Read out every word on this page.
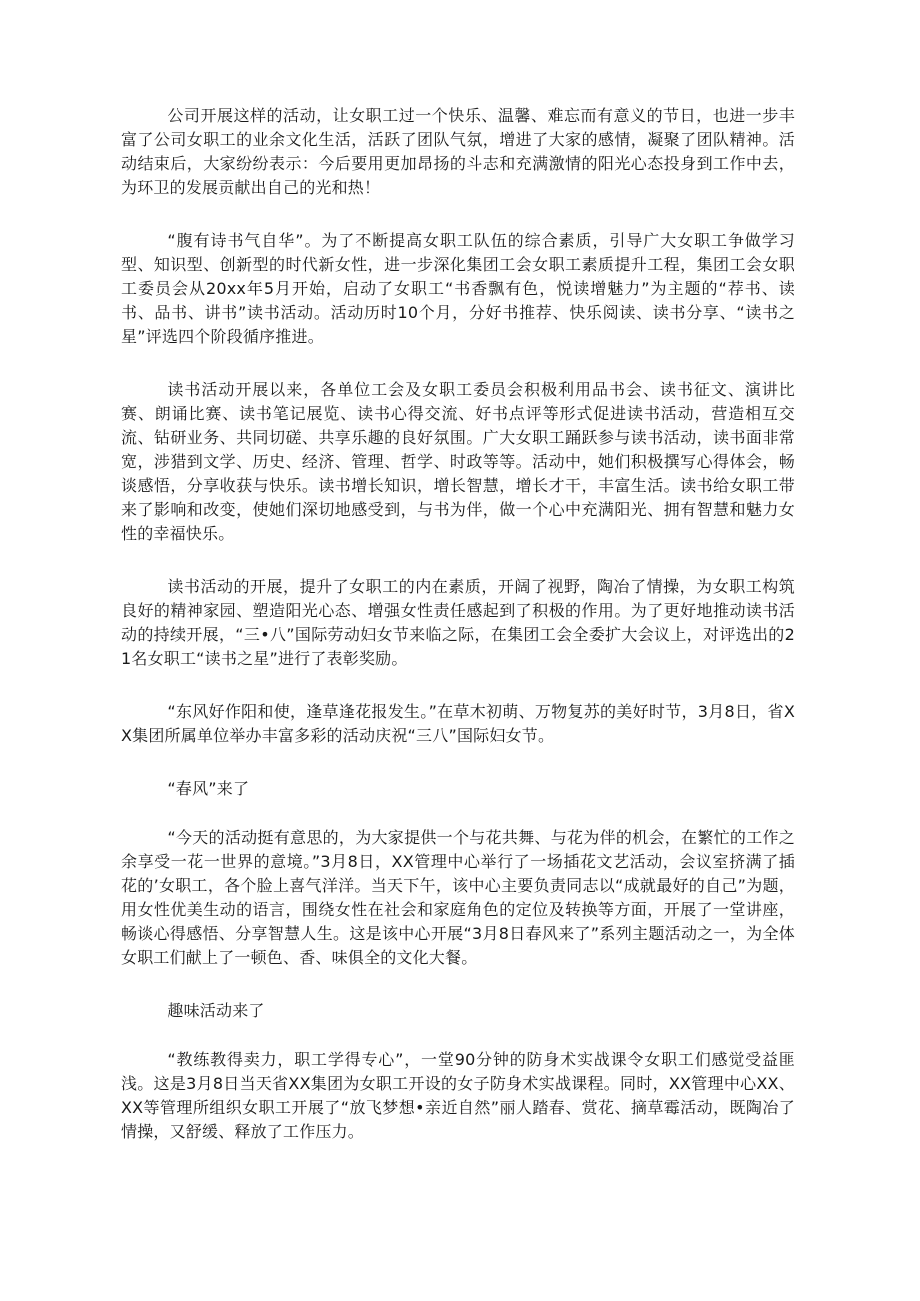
公司开展这样的活动，让女职工过一个快乐、温馨、难忘而有意义的节日，也进一步丰富了公司女职工的业余文化生活，活跃了团队气氛，增进了大家的感情，凝聚了团队精神。活动结束后，大家纷纷表示：今后要用更加昂扬的斗志和充满激情的阳光心态投身到工作中去，为环卫的发展贡献出自己的光和热！

“腹有诗书气自华”。为了不断提高女职工队伍的综合素质，引导广大女职工争做学习型、知识型、创新型的时代新女性，进一步深化集团工会女职工素质提升工程，集团工会女职工委员会从20xx年5月开始，启动了女职工“书香飘有色，悦读增魅力”为主题的“荐书、读书、品书、讲书”读书活动。活动历时10个月，分好书推荐、快乐阅读、读书分享、“读书之星”评选四个阶段循序推进。

读书活动开展以来，各单位工会及女职工委员会积极利用品书会、读书征文、演讲比赛、朗诵比赛、读书笔记展览、读书心得交流、好书点评等形式促进读书活动，营造相互交流、钻研业务、共同切磋、共享乐趣的良好氛围。广大女职工踊跃参与读书活动，读书面非常宽，涉猎到文学、历史、经济、管理、哲学、时政等等。活动中，她们积极撰写心得体会，畅谈感悟，分享收获与快乐。读书增长知识，增长智慧，增长才干，丰富生活。读书给女职工带来了影响和改变，使她们深切地感受到，与书为伴，做一个心中充满阳光、拥有智慧和魅力女性的幸福快乐。

读书活动的开展，提升了女职工的内在素质，开阔了视野，陶冶了情操，为女职工构筑良好的精神家园、塑造阳光心态、增强女性责任感起到了积极的作用。为了更好地推动读书活动的持续开展，“三•八”国际劳动妇女节来临之际，在集团工会全委扩大会议上，对评选出的21名女职工“读书之星”进行了表彰奖励。

“东风好作阳和使，逢草逢花报发生。”在草木初萌、万物复苏的美好时节，3月8日，省XX集团所属单位举办丰富多彩的活动庆祝“三八”国际妇女节。

“春风”来了

“今天的活动挺有意思的，为大家提供一个与花共舞、与花为伴的机会，在繁忙的工作之余享受一花一世界的意境。”3月8日，XX管理中心举行了一场插花文艺活动，会议室挤满了插花的’女职工，各个脸上喜气洋洋。当天下午，该中心主要负责同志以“成就最好的自己”为题，用女性优美生动的语言，围绕女性在社会和家庭角色的定位及转换等方面，开展了一堂讲座，畅谈心得感悟、分享智慧人生。这是该中心开展“3月8日春风来了”系列主题活动之一，为全体女职工们献上了一顿色、香、味俱全的文化大餐。

趣味活动来了

“教练教得卖力，职工学得专心”，一堂90分钟的防身术实战课令女职工们感觉受益匪浅。这是3月8日当天省XX集团为女职工开设的女子防身术实战课程。同时，XX管理中心XX、XX等管理所组织女职工开展了“放飞梦想•亲近自然”丽人踏春、赏花、摘草霉活动，既陶冶了情操，又舒缓、释放了工作压力。
